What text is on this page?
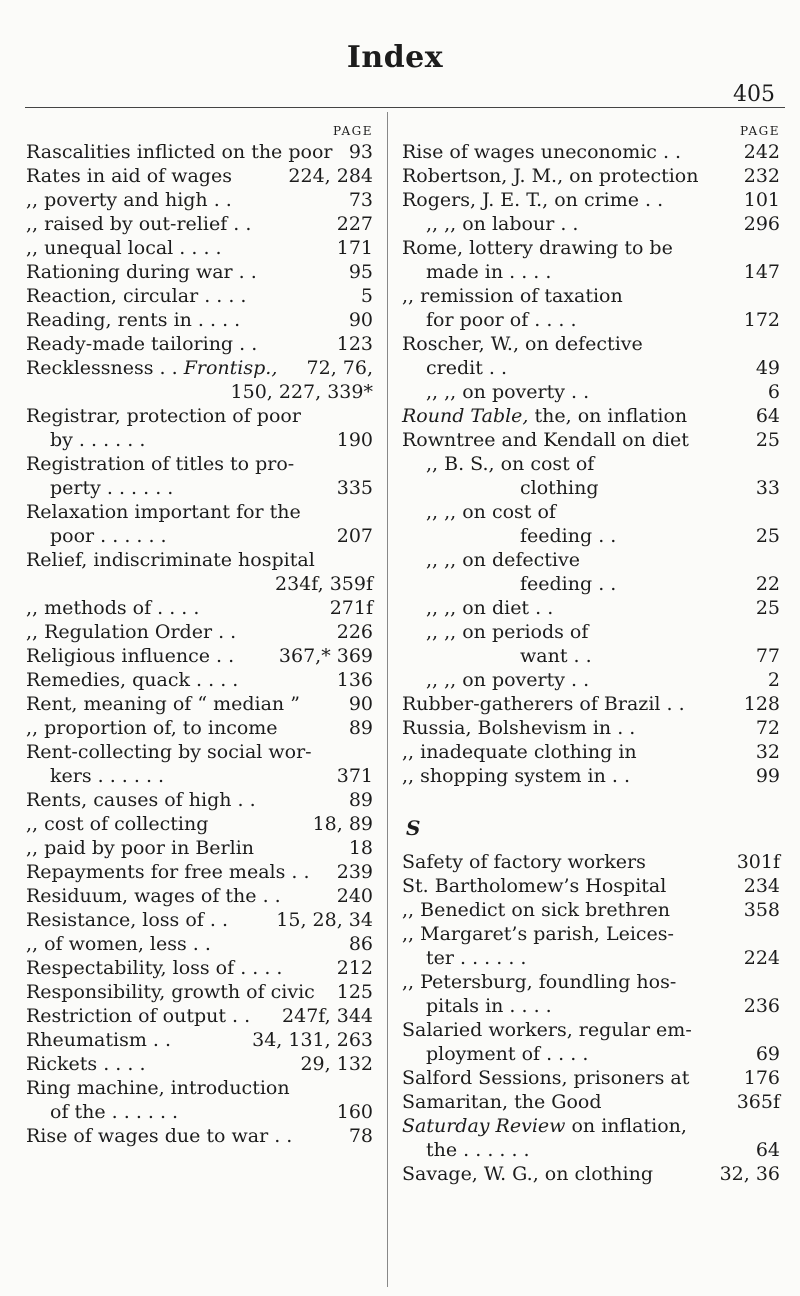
Index
405
PAGE
Rascalities inflicted on the poor 93
Rates in aid of wages	224, 284
,, poverty and high . .	73
,, raised by out-relief . .	227
,, unequal local . . . .	171
Rationing during war . .	95
Reaction, circular . . . .	5
Reading, rents in . . . .	90
Ready-made tailoring . .	123
Recklessness . . Frontisp., 72, 76,
150, 227, 339*
Registrar, protection of poor
by . . . . . .	190
Registration of titles to pro-
perty . . . . . .	335
Relaxation important for the
poor . . . . . .	207
Relief, indiscriminate hospital
234f, 359f
,, methods of . . . .	271f
,, Regulation Order . .	226
Religious influence . . 367,* 369
Remedies, quack . . . .	136
Rent, meaning of “ median ”	90
,, proportion of, to income	89
Rent-collecting by social wor-
kers . . . . . .	371
Rents, causes of high . .	89
,, cost of collecting	18, 89
,, paid by poor in Berlin	18
Repayments for free meals . . 239
Residuum, wages of the . .	240
Resistance, loss of . .	15, 28, 34
,, of women, less . .	86
Respectability, loss of . . . .	212
Responsibility, growth of civic 125
Restriction of output . . 247f, 344
Rheumatism . .	34, 131, 263
Rickets . . . .	29, 132
Ring machine, introduction
of the . . . . . .	160
Rise of wages due to war . .	78
PAGE
Rise of wages uneconomic . .	242
Robertson, J. M., on protection 232
Rogers, J. E. T., on crime . .	101
,, ,, on labour . .	296
Rome, lottery drawing to be
made in . . . .	147
,, remission of taxation
for poor of . . . .	172
Roscher, W., on defective
credit . .	49
,, ,, on poverty . .	6
Round Table, the, on inflation	64
Rowntree and Kendall on diet	25
,, B. S., on cost of
clothing	33
,, ,, on cost of
feeding . .	25
,, ,, on defective
feeding . .	22
,, ,, on diet . .	25
,, ,, on periods of
want . .	77
,, ,, on poverty . .	2
Rubber-gatherers of Brazil . .	128
Russia, Bolshevism in . .	72
,, inadequate clothing in	32
,, shopping system in . .	99
S
Safety of factory workers	301f
St. Bartholomew’s Hospital	234
,, Benedict on sick brethren	358
,, Margaret’s parish, Leices-
ter . . . . . .	224
,, Petersburg, foundling hos-
pitals in . . . .	236
Salaried workers, regular em-
ployment of . . . .	69
Salford Sessions, prisoners at	176
Samaritan, the Good	365f
Saturday Review on inflation,
the . . . . . .	64
Savage, W. G., on clothing	32, 36
